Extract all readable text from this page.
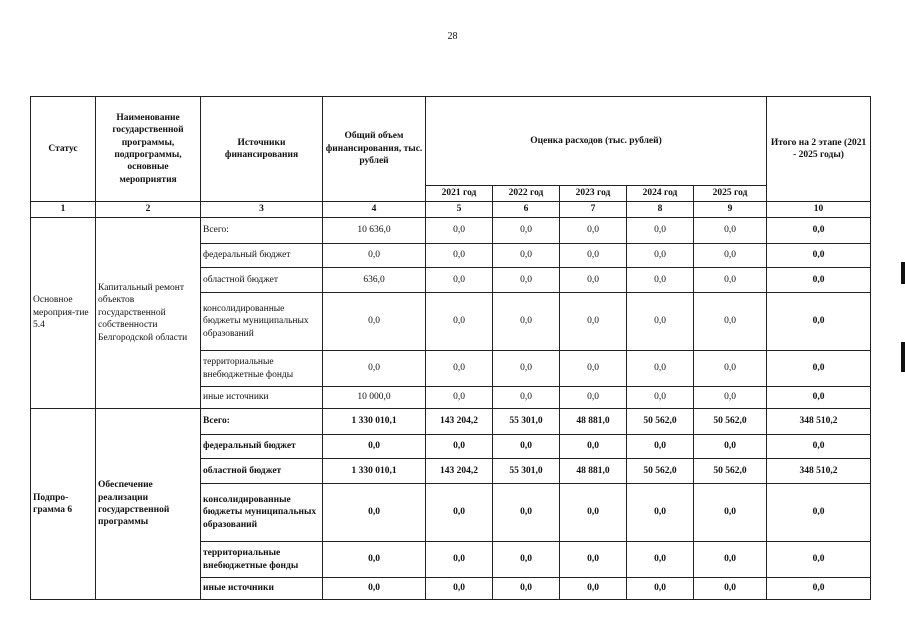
28
Статус	Наименование государственной программы, подпрограммы, основные мероприятия	Источники финансирования	Общий объем финансирования, тыс. рублей	Оценка расходов (тыс. рублей)					Итого на 2 этапе (2021 - 2025 годы)
				2021 год	2022 год	2023 год	2024 год	2025 год	
1	2	3	4	5	6	7	8	9	10
Основное мероприя-тие 5.4	Капитальный ремонт объектов государственной собственности Белгородской области	Всего:	10 636,0	0,0	0,0	0,0	0,0	0,0	0,0
		федеральный бюджет	0,0	0,0	0,0	0,0	0,0	0,0	0,0
		областной бюджет	636,0	0,0	0,0	0,0	0,0	0,0	0,0
		консолидированные бюджеты муниципальных образований	0,0	0,0	0,0	0,0	0,0	0,0	0,0
		территориальные внебюджетные фонды	0,0	0,0	0,0	0,0	0,0	0,0	0,0
		иные источники	10 000,0	0,0	0,0	0,0	0,0	0,0	0,0
Подпро-грамма 6	Обеспечение реализации государственной программы	Всего:	1 330 010,1	143 204,2	55 301,0	48 881,0	50 562,0	50 562,0	348 510,2
		федеральный бюджет	0,0	0,0	0,0	0,0	0,0	0,0	0,0
		областной бюджет	1 330 010,1	143 204,2	55 301,0	48 881,0	50 562,0	50 562,0	348 510,2
		консолидированные бюджеты муниципальных образований	0,0	0,0	0,0	0,0	0,0	0,0	0,0
		территориальные внебюджетные фонды	0,0	0,0	0,0	0,0	0,0	0,0	0,0
		иные источники	0,0	0,0	0,0	0,0	0,0	0,0	0,0
